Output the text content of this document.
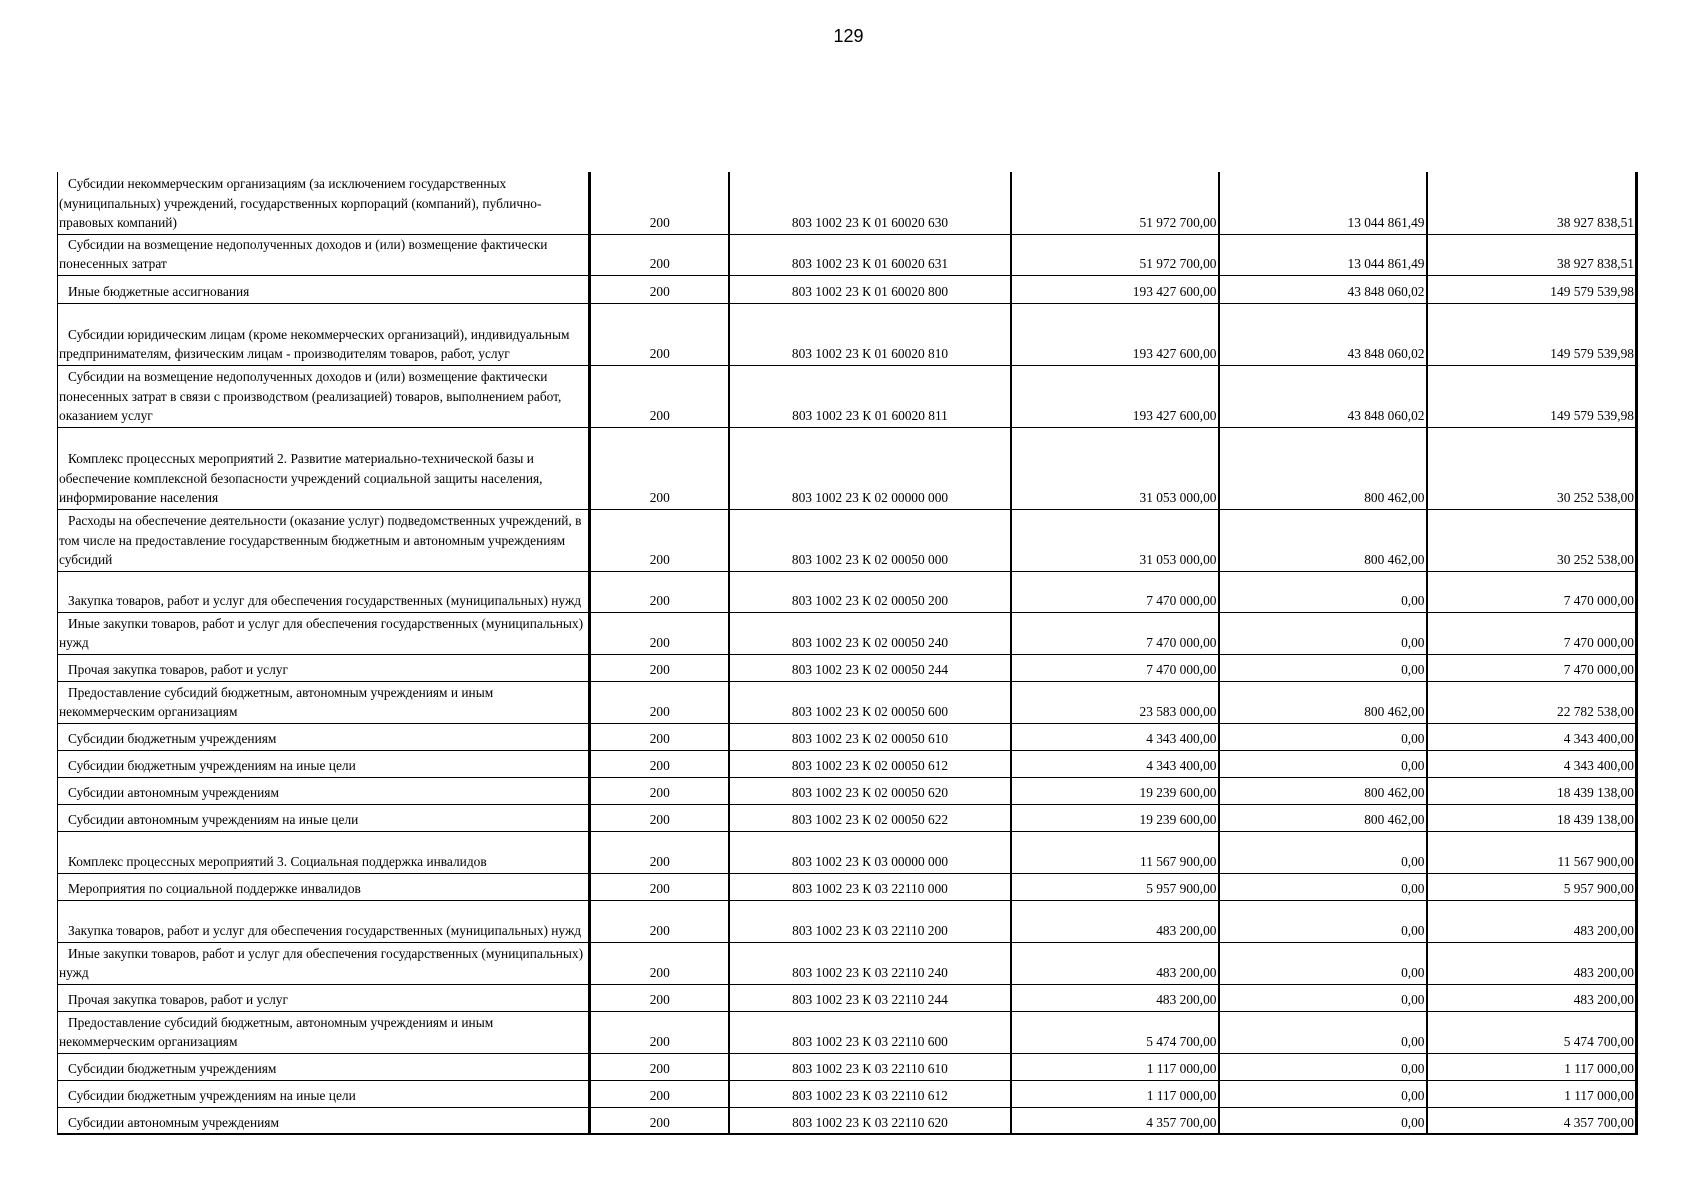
129
Субсидии некоммерческим организациям (за исключением государственных (муниципальных) учреждений, государственных корпораций (компаний), публично-правовых компаний)	200	803 1002 23 К 01 60020 630	51 972 700,00	13 044 861,49	38 927 838,51
Субсидии на возмещение недополученных доходов и (или) возмещение фактически понесенных затрат	200	803 1002 23 К 01 60020 631	51 972 700,00	13 044 861,49	38 927 838,51
Иные бюджетные ассигнования	200	803 1002 23 К 01 60020 800	193 427 600,00	43 848 060,02	149 579 539,98
Субсидии юридическим лицам (кроме некоммерческих организаций), индивидуальным предпринимателям, физическим лицам - производителям товаров, работ, услуг	200	803 1002 23 К 01 60020 810	193 427 600,00	43 848 060,02	149 579 539,98
Субсидии на возмещение недополученных доходов и (или) возмещение фактически понесенных затрат в связи с производством (реализацией) товаров, выполнением работ, оказанием услуг	200	803 1002 23 К 01 60020 811	193 427 600,00	43 848 060,02	149 579 539,98
Комплекс процессных мероприятий 2. Развитие материально-технической базы и обеспечение комплексной безопасности учреждений социальной защиты населения, информирование населения	200	803 1002 23 К 02 00000 000	31 053 000,00	800 462,00	30 252 538,00
Расходы на обеспечение деятельности (оказание услуг) подведомственных учреждений, в том числе на предоставление государственным бюджетным и автономным учреждениям субсидий	200	803 1002 23 К 02 00050 000	31 053 000,00	800 462,00	30 252 538,00
Закупка товаров, работ и услуг для обеспечения государственных (муниципальных) нужд	200	803 1002 23 К 02 00050 200	7 470 000,00	0,00	7 470 000,00
Иные закупки товаров, работ и услуг для обеспечения государственных (муниципальных) нужд	200	803 1002 23 К 02 00050 240	7 470 000,00	0,00	7 470 000,00
Прочая закупка товаров, работ и услуг	200	803 1002 23 К 02 00050 244	7 470 000,00	0,00	7 470 000,00
Предоставление субсидий бюджетным, автономным учреждениям и иным некоммерческим организациям	200	803 1002 23 К 02 00050 600	23 583 000,00	800 462,00	22 782 538,00
Субсидии бюджетным учреждениям	200	803 1002 23 К 02 00050 610	4 343 400,00	0,00	4 343 400,00
Субсидии бюджетным учреждениям на иные цели	200	803 1002 23 К 02 00050 612	4 343 400,00	0,00	4 343 400,00
Субсидии автономным учреждениям	200	803 1002 23 К 02 00050 620	19 239 600,00	800 462,00	18 439 138,00
Субсидии автономным учреждениям на иные цели	200	803 1002 23 К 02 00050 622	19 239 600,00	800 462,00	18 439 138,00
Комплекс процессных мероприятий 3. Социальная поддержка инвалидов	200	803 1002 23 К 03 00000 000	11 567 900,00	0,00	11 567 900,00
Мероприятия по социальной поддержке инвалидов	200	803 1002 23 К 03 22110 000	5 957 900,00	0,00	5 957 900,00
Закупка товаров, работ и услуг для обеспечения государственных (муниципальных) нужд	200	803 1002 23 К 03 22110 200	483 200,00	0,00	483 200,00
Иные закупки товаров, работ и услуг для обеспечения государственных (муниципальных) нужд	200	803 1002 23 К 03 22110 240	483 200,00	0,00	483 200,00
Прочая закупка товаров, работ и услуг	200	803 1002 23 К 03 22110 244	483 200,00	0,00	483 200,00
Предоставление субсидий бюджетным, автономным учреждениям и иным некоммерческим организациям	200	803 1002 23 К 03 22110 600	5 474 700,00	0,00	5 474 700,00
Субсидии бюджетным учреждениям	200	803 1002 23 К 03 22110 610	1 117 000,00	0,00	1 117 000,00
Субсидии бюджетным учреждениям на иные цели	200	803 1002 23 К 03 22110 612	1 117 000,00	0,00	1 117 000,00
Субсидии автономным учреждениям	200	803 1002 23 К 03 22110 620	4 357 700,00	0,00	4 357 700,00
